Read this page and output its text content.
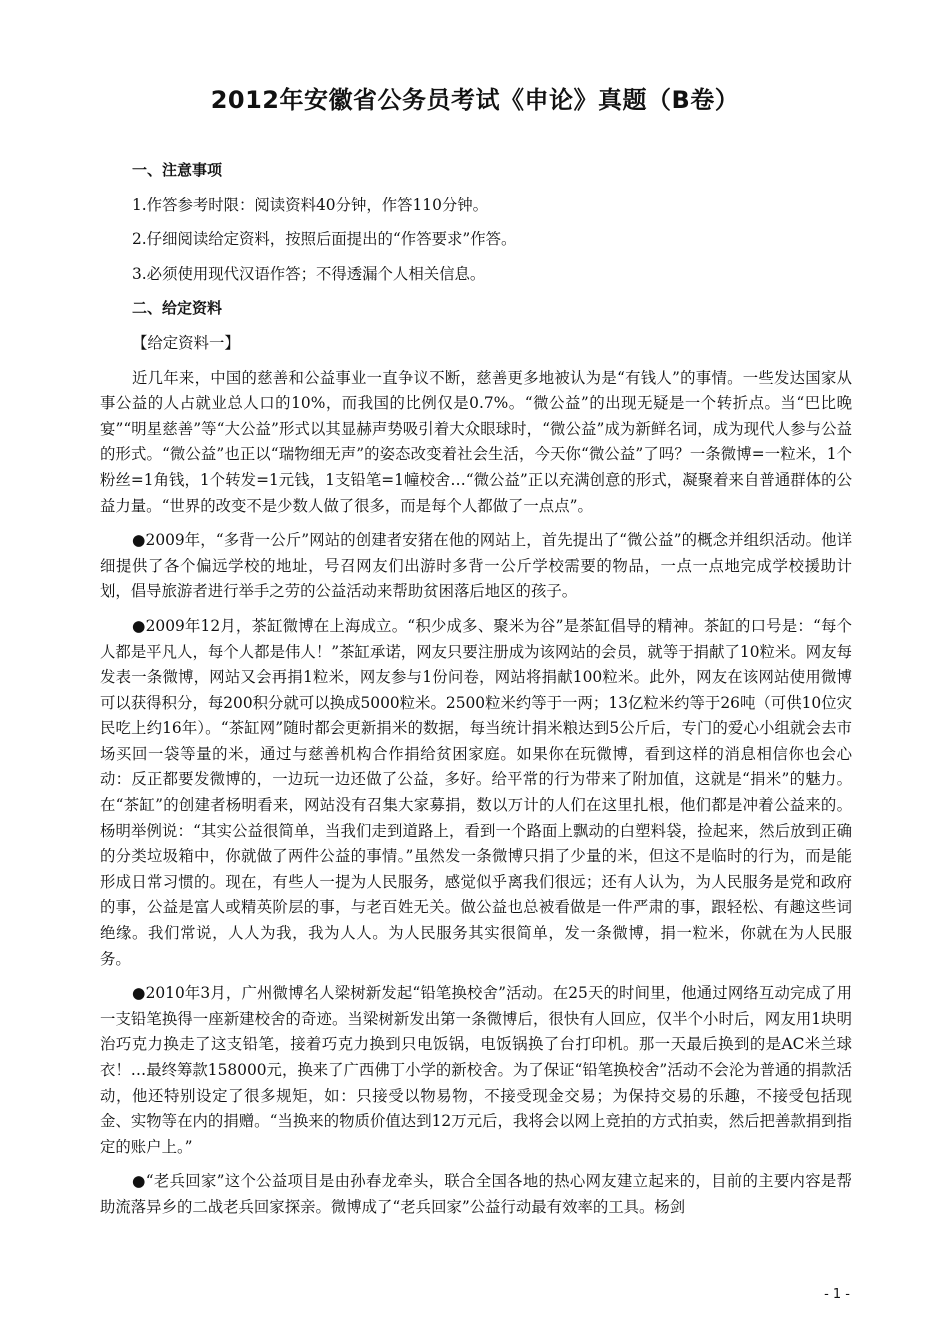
2012年安徽省公务员考试《申论》真题（B卷）
一、注意事项
1.作答参考时限：阅读资料40分钟，作答110分钟。
2.仔细阅读给定资料，按照后面提出的“作答要求”作答。
3.必须使用现代汉语作答；不得透漏个人相关信息。
二、给定资料
【给定资料一】
近几年来，中国的慈善和公益事业一直争议不断，慈善更多地被认为是“有钱人”的事情。一些发达国家从事公益的人占就业总人口的10%，而我国的比例仅是0.7%。“微公益”的出现无疑是一个转折点。当“巴比晚宴”“明星慈善”等“大公益”形式以其显赫声势吸引着大众眼球时，“微公益”成为新鲜名词，成为现代人参与公益的形式。“微公益”也正以“瑞物细无声”的姿态改变着社会生活，今天你“微公益”了吗？一条微博=一粒米，1个粉丝=1角钱，1个转发=1元钱，1支铅笔=1幢校舍…“微公益”正以充满创意的形式，凝聚着来自普通群体的公益力量。“世界的改变不是少数人做了很多，而是每个人都做了一点点”。
●2009年，“多背一公斤”网站的创建者安猪在他的网站上，首先提出了“微公益”的概念并组织活动。他详细提供了各个偏远学校的地址，号召网友们出游时多背一公斤学校需要的物品，一点一点地完成学校援助计划，倡导旅游者进行举手之劳的公益活动来帮助贫困落后地区的孩子。
●2009年12月，茶缸微博在上海成立。“积少成多、聚米为谷”是茶缸倡导的精神。茶缸的口号是：“每个人都是平凡人，每个人都是伟人！”茶缸承诺，网友只要注册成为该网站的会员，就等于捐献了10粒米。网友每发表一条微博，网站又会再捐1粒米，网友参与1份问卷，网站将捐献100粒米。此外，网友在该网站使用微博可以获得积分，每200积分就可以换成5000粒米。2500粒米约等于一两；13亿粒米约等于26吨（可供10位灾民吃上约16年）。“茶缸网”随时都会更新捐米的数据，每当统计捐米粮达到5公斤后，专门的爱心小组就会去市场买回一袋等量的米，通过与慈善机构合作捐给贫困家庭。如果你在玩微博，看到这样的消息相信你也会心动：反正都要发微博的，一边玩一边还做了公益，多好。给平常的行为带来了附加值，这就是“捐米”的魅力。在“茶缸”的创建者杨明看来，网站没有召集大家募捐，数以万计的人们在这里扎根，他们都是冲着公益来的。杨明举例说：“其实公益很简单，当我们走到道路上，看到一个路面上飘动的白塑料袋，捡起来，然后放到正确的分类垃圾箱中，你就做了两件公益的事情。”虽然发一条微博只捐了少量的米，但这不是临时的行为，而是能形成日常习惯的。现在，有些人一提为人民服务，感觉似乎离我们很远；还有人认为，为人民服务是党和政府的事，公益是富人或精英阶层的事，与老百姓无关。做公益也总被看做是一件严肃的事，跟轻松、有趣这些词绝缘。我们常说，人人为我，我为人人。为人民服务其实很简单，发一条微博，捐一粒米，你就在为人民服务。
●2010年3月，广州微博名人梁树新发起“铅笔换校舍”活动。在25天的时间里，他通过网络互动完成了用一支铅笔换得一座新建校舍的奇迹。当梁树新发出第一条微博后，很快有人回应，仅半个小时后，网友用1块明治巧克力换走了这支铅笔，接着巧克力换到只电饭锅，电饭锅换了台打印机。那一天最后换到的是AC米兰球衣！…最终筹款158000元，换来了广西佛丁小学的新校舍。为了保证“铅笔换校舍”活动不会沦为普通的捐款活动，他还特别设定了很多规矩，如：只接受以物易物，不接受现金交易；为保持交易的乐趣，不接受包括现金、实物等在内的捐赠。“当换来的物质价值达到12万元后，我将会以网上竞拍的方式拍卖，然后把善款捐到指定的账户上。”
●“老兵回家”这个公益项目是由孙春龙牵头，联合全国各地的热心网友建立起来的，目前的主要内容是帮助流落异乡的二战老兵回家探亲。微博成了“老兵回家”公益行动最有效率的工具。杨剑
- 1 -
